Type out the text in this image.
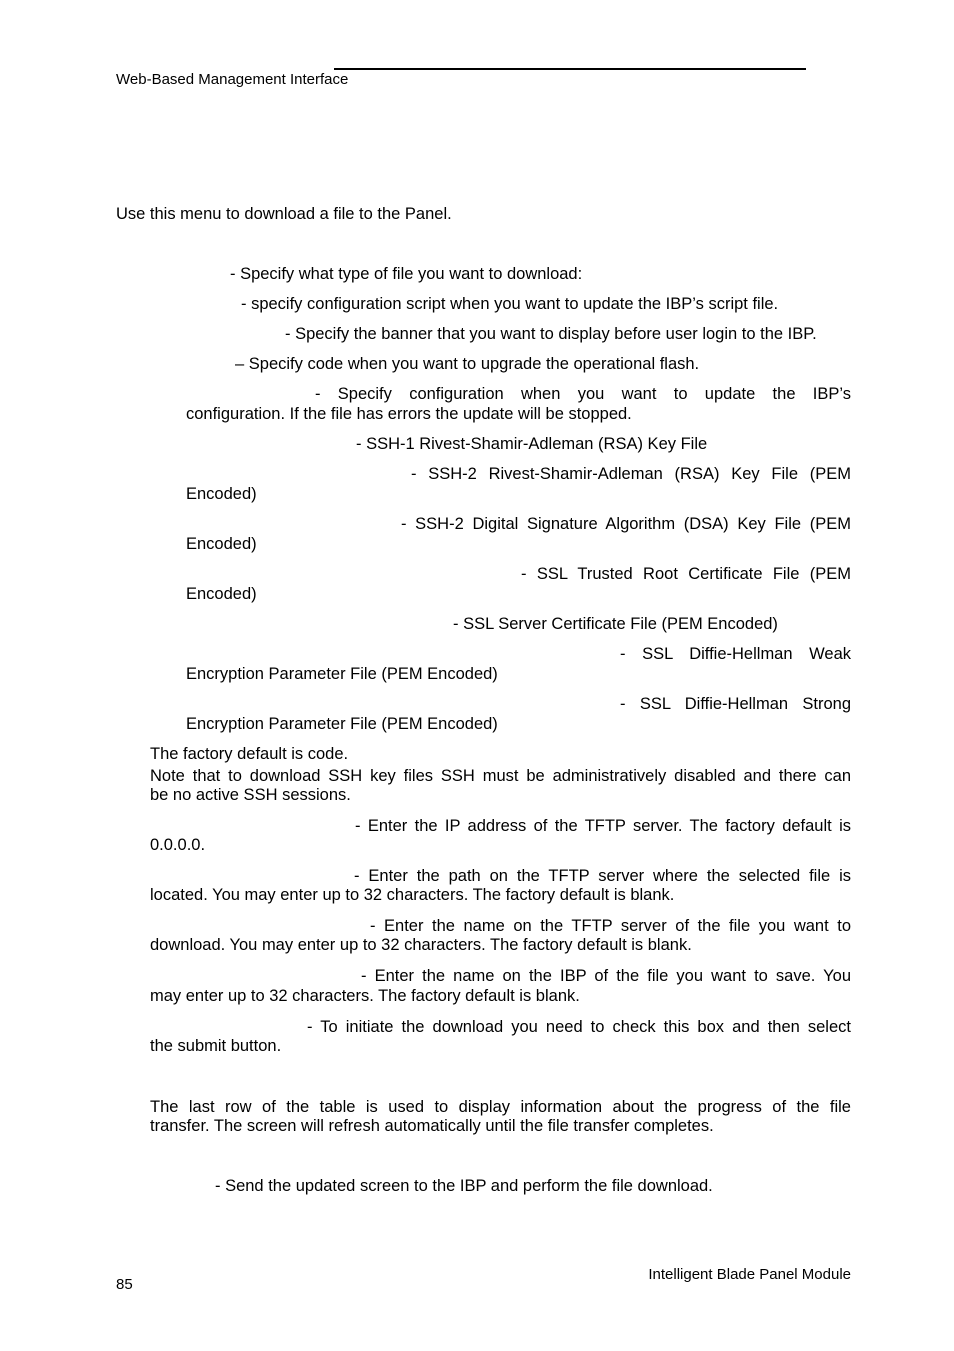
Web-Based Management Interface
Use this menu to download a file to the Panel.
- Specify what type of file you want to download:
- specify configuration script when you want to update the IBP’s script file.
- Specify the banner that you want to display before user login to the IBP.
– Specify code when you want to upgrade the operational flash.
- Specify configuration when you want to update the IBP’s
configuration. If the file has errors the update will be stopped.
- SSH-1 Rivest-Shamir-Adleman (RSA) Key File
- SSH-2 Rivest-Shamir-Adleman (RSA) Key File (PEM
Encoded)
- SSH-2 Digital Signature Algorithm (DSA) Key File (PEM
Encoded)
- SSL Trusted Root Certificate File (PEM
Encoded)
- SSL Server Certificate File (PEM Encoded)
- SSL Diffie-Hellman Weak
Encryption Parameter File (PEM Encoded)
- SSL Diffie-Hellman Strong
Encryption Parameter File (PEM Encoded)
The factory default is code.
Note that to download SSH key files SSH must be administratively disabled and there can
be no active SSH sessions.
- Enter the IP address of the TFTP server. The factory default is
0.0.0.0.
- Enter the path on the TFTP server where the selected file is
located. You may enter up to 32 characters. The factory default is blank.
- Enter the name on the TFTP server of the file you want to
download. You may enter up to 32 characters. The factory default is blank.
- Enter the name on the IBP of the file you want to save. You
may enter up to 32 characters. The factory default is blank.
- To initiate the download you need to check this box and then select
the submit button.
The last row of the table is used to display information about the progress of the file
transfer. The screen will refresh automatically until the file transfer completes.
- Send the updated screen to the IBP and perform the file download.
85
Intelligent Blade Panel Module
